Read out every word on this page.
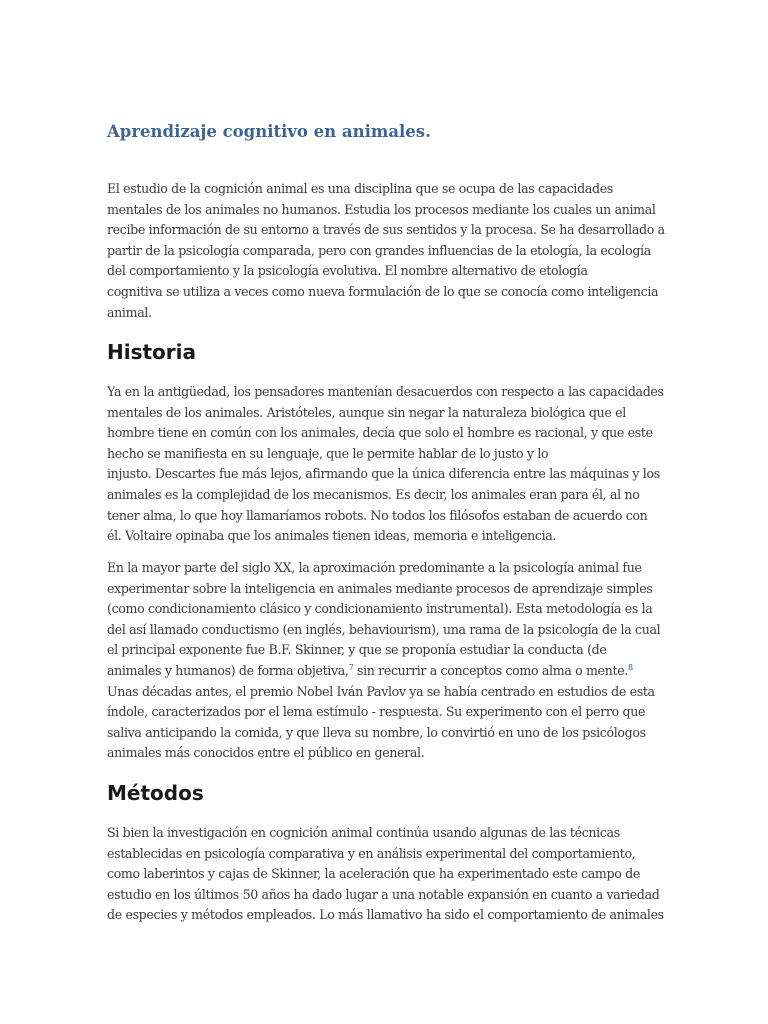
Aprendizaje cognitivo en animales.
El estudio de la cognición animal es una disciplina que se ocupa de las capacidades
mentales de los animales no humanos. Estudia los procesos mediante los cuales un animal
recibe información de su entorno a través de sus sentidos y la procesa. Se ha desarrollado a
partir de la psicología comparada, pero con grandes influencias de la etología, la ecología
del comportamiento y la psicología evolutiva. El nombre alternativo de etología
cognitiva se utiliza a veces como nueva formulación de lo que se conocía como inteligencia
animal.
Historia
Ya en la antigüedad, los pensadores mantenían desacuerdos con respecto a las capacidades
mentales de los animales. Aristóteles, aunque sin negar la naturaleza biológica que el
hombre tiene en común con los animales, decía que solo el hombre es racional, y que este
hecho se manifiesta en su lenguaje, que le permite hablar de lo justo y lo
injusto. Descartes fue más lejos, afirmando que la única diferencia entre las máquinas y los
animales es la complejidad de los mecanismos. Es decir, los animales eran para él, al no
tener alma, lo que hoy llamaríamos robots. No todos los filósofos estaban de acuerdo con
él. Voltaire opinaba que los animales tienen ideas, memoria e inteligencia.
En la mayor parte del siglo XX, la aproximación predominante a la psicología animal fue
experimentar sobre la inteligencia en animales mediante procesos de aprendizaje simples
(como condicionamiento clásico y condicionamiento instrumental). Esta metodología es la
del así llamado conductismo (en inglés, behaviourism), una rama de la psicología de la cual
el principal exponente fue B.F. Skinner, y que se proponía estudiar la conducta (de
animales y humanos) de forma objetiva,$^7$ sin recurrir a conceptos como alma o mente.$^8$
Unas décadas antes, el premio Nobel Iván Pavlov ya se había centrado en estudios de esta
índole, caracterizados por el lema estímulo - respuesta. Su experimento con el perro que
saliva anticipando la comida, y que lleva su nombre, lo convirtió en uno de los psicólogos
animales más conocidos entre el público en general.
Métodos
Si bien la investigación en cognición animal continúa usando algunas de las técnicas
establecidas en psicología comparativa y en análisis experimental del comportamiento,
como laberintos y cajas de Skinner, la aceleración que ha experimentado este campo de
estudio en los últimos 50 años ha dado lugar a una notable expansión en cuanto a variedad
de especies y métodos empleados. Lo más llamativo ha sido el comportamiento de animales
